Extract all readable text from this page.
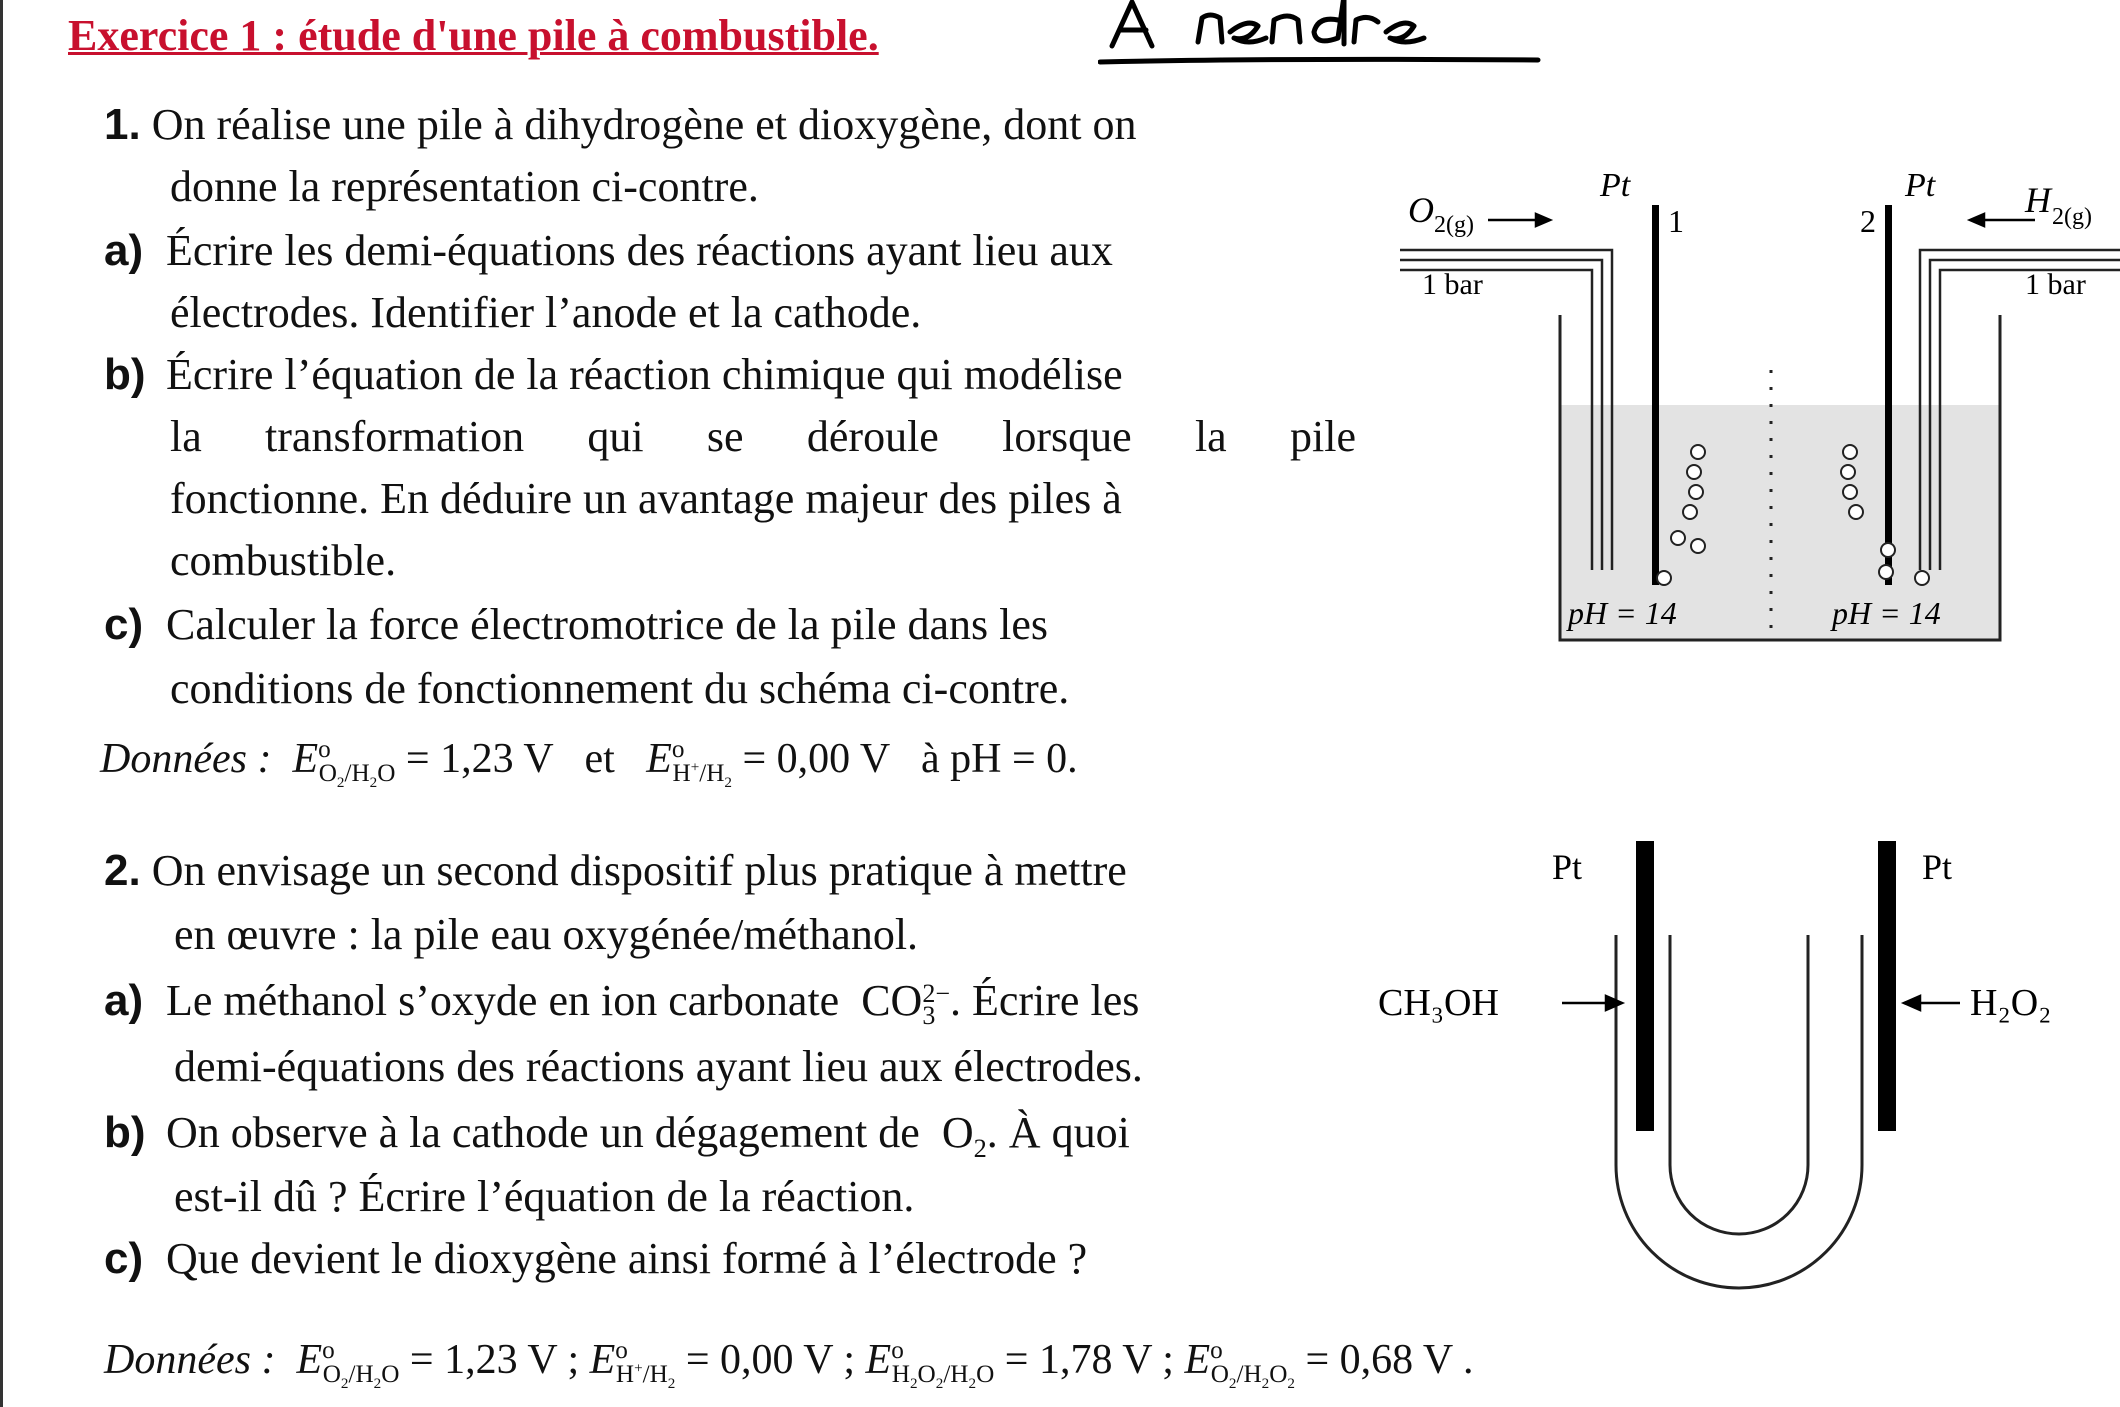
Exercice 1 : étude d'une pile à combustible.
1. On réalise une pile à dihydrogène et dioxygène, dont on
donne la représentation ci-contre.
a) Écrire les demi-équations des réactions ayant lieu aux
électrodes. Identifier l’anode et la cathode.
b) Écrire l’équation de la réaction chimique qui modélise
la transformation qui se déroule lorsque la pile
fonctionne. En déduire un avantage majeur des piles à
combustible.
c) Calculer la force électromotrice de la pile dans les
conditions de fonctionnement du schéma ci-contre.
Données : $E^o_{O_2/H_2O} = 1,23$ V et $E^o_{H^+/H_2} = 0,00$ V à pH = 0.
Pt	Pt
1	2
O 2(g)
H 2(g)
1 bar	1 bar
pH = 14	pH = 14
2. On envisage un second dispositif plus pratique à mettre
en œuvre : la pile eau oxygénée/méthanol.
a) Le méthanol s’oxyde en ion carbonate  CO 2−
3 . Écrire les
demi-équations des réactions ayant lieu aux électrodes.
b) On observe à la cathode un dégagement de  $O_2$. À quoi
est-il dû ? Écrire l’équation de la réaction.
c) Que devient le dioxygène ainsi formé à l’électrode ?
Données : $E^o_{O_2/H_2O} = 1,23$ V ; $E^o_{H^+/H_2} = 0,00$ V ; $E^o_{H_2O_2/H_2O} = 1,78$ V ; $E^o_{O_2/H_2O_2} = 0,68$ V .
Pt	Pt
CH₃OH	H₂O₂
